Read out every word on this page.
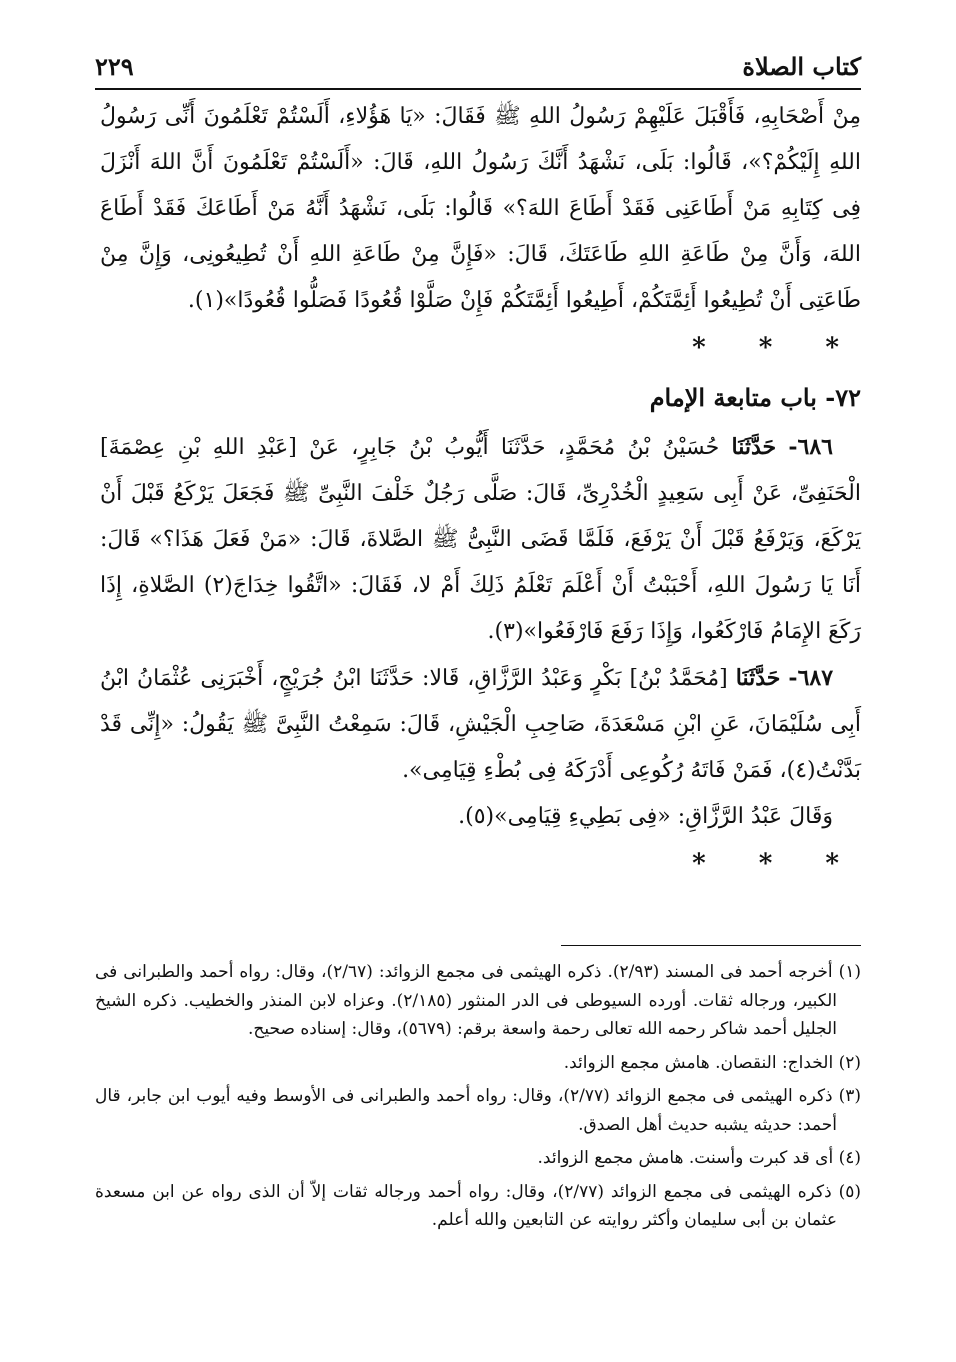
كتاب الصلاة
٢٢٩

مِنْ أَصْحَابِهِ، فَأَقْبَلَ عَلَيْهِمْ رَسُولُ اللهِ ﷺ فَقَالَ: «يَا هَؤُلاءِ، أَلَسْتُمْ تَعْلَمُونَ أَنِّى رَسُولُ اللهِ إِلَيْكُمْ؟»، قَالُوا: بَلَى، نَشْهَدُ أَنَّكَ رَسُولُ اللهِ، قَالَ: «أَلَسْتُمْ تَعْلَمُونَ أَنَّ اللهَ أَنْزَلَ فِى كِتَابِهِ مَنْ أَطَاعَنِى فَقَدْ أَطَاعَ اللهَ؟» قَالُوا: بَلَى، نَشْهَدُ أَنَّهُ مَنْ أَطَاعَكَ فَقَدْ أَطَاعَ اللهَ، وَأَنَّ مِنْ طَاعَةِ اللهِ طَاعَتَكَ، قَالَ: «فَإِنَّ مِنْ طَاعَةِ اللهِ أَنْ تُطِيعُونِى، وَإِنَّ مِنْ طَاعَتِى أَنْ تُطِيعُوا أَئِمَّتَكُمْ، أَطِيعُوا أَئِمَّتَكُمْ فَإِنْ صَلَّوْا قُعُودًا فَصَلُّوا قُعُودًا»(١).

* * *
٧٢- باب متابعة الإمام

٦٨٦- حَدَّثَنَا حُسَيْنُ بْنُ مُحَمَّدٍ، حَدَّثَنَا أَيُّوبُ بْنُ جَابِرٍ، عَنْ [عَبْدِ اللهِ بْنِ عِصْمَةَ] الْحَنَفِىِّ، عَنْ أَبِى سَعِيدٍ الْخُدْرِىِّ، قَالَ: صَلَّى رَجُلٌ خَلْفَ النَّبِىِّ ﷺ فَجَعَلَ يَرْكَعُ قَبْلَ أَنْ يَرْكَعَ، وَيَرْفَعُ قَبْلَ أَنْ يَرْفَعَ، فَلَمَّا قَضَى النَّبِىُّ ﷺ الصَّلاةَ، قَالَ: «مَنْ فَعَلَ هَذَا؟» قَالَ: أَنَا يَا رَسُولَ اللهِ، أَحْبَبْتُ أَنْ أَعْلَمَ تَعْلَمُ ذَلِكَ أَمْ لا، فَقَالَ: «اتَّقُوا خِدَاجَ(٢) الصَّلاةِ، إِذَا رَكَعَ الإِمَامُ فَارْكَعُوا، وَإِذَا رَفَعَ فَارْفَعُوا»(٣).

٦٨٧- حَدَّثَنَا [مُحَمَّدُ بْنُ] بَكْرٍ وَعَبْدُ الرَّزَّاقِ، قَالا: حَدَّثَنَا ابْنُ جُرَيْجٍ، أَخْبَرَنِى عُثْمَانُ ابْنُ أَبِى سُلَيْمَانَ، عَنِ ابْنِ مَسْعَدَةَ، صَاحِبِ الْجَيْشِ، قَالَ: سَمِعْتُ النَّبِىَّ ﷺ يَقُولُ: «إِنِّى قَدْ بَدَّنْتُ(٤)، فَمَنْ فَاتَهُ رُكُوعِى أَدْرَكَهُ فِى بُطْءِ قِيَامِى».

وَقَالَ عَبْدُ الرَّزَّاقِ: «فِى بَطِيءِ قِيَامِى»(٥).

* * *

(١) أخرجه أحمد فى المسند (٢/٩٣). ذكره الهيثمى فى مجمع الزوائد: (٢/٦٧)، وقال: رواه أحمد والطبرانى فى الكبير، ورجاله ثقات. أورده السيوطى فى الدر المنثور (٢/١٨٥). وعزاه لابن المنذر والخطيب. ذكره الشيخ الجليل أحمد شاكر رحمه الله تعالى رحمة واسعة برقم: (٥٦٧٩)، وقال: إسناده صحيح.

(٢) الخداج: النقصان. هامش مجمع الزوائد.

(٣) ذكره الهيثمى فى مجمع الزوائد (٢/٧٧)، وقال: رواه أحمد والطبرانى فى الأوسط وفيه أيوب ابن جابر، قال أحمد: حديثه يشبه حديث أهل الصدق.

(٤) أى قد كبرت وأسنت. هامش مجمع الزوائد.

(٥) ذكره الهيثمى فى مجمع الزوائد (٢/٧٧)، وقال: رواه أحمد ورجاله ثقات إلاّ أن الذى رواه عن ابن مسعدة عثمان بن أبى سليمان وأكثر روايته عن التابعين والله أعلم.
